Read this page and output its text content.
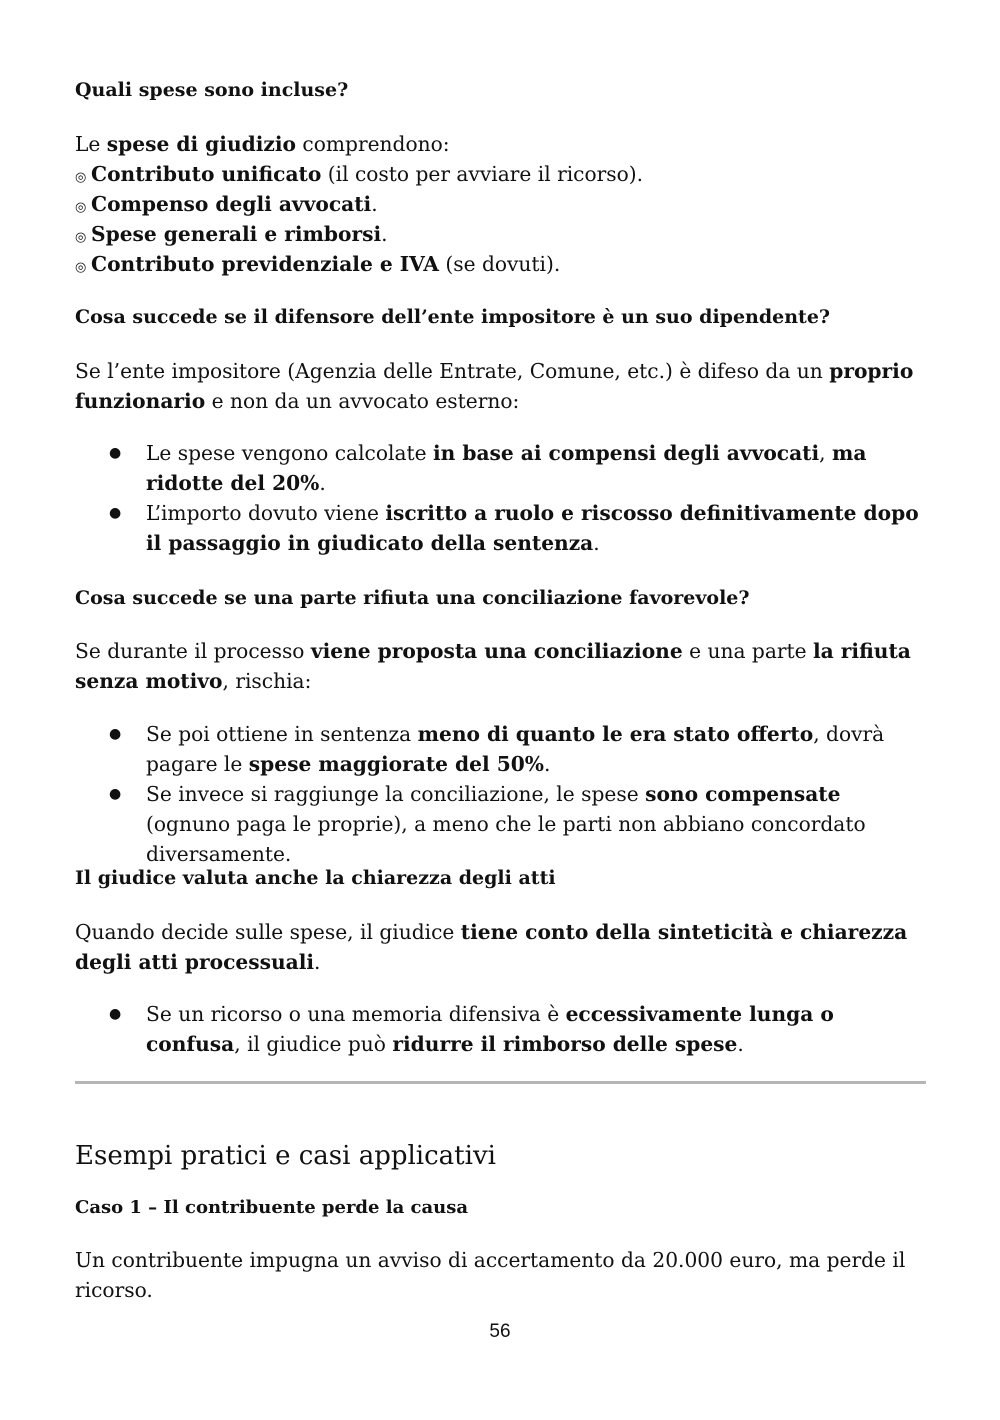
Quali spese sono incluse?

Le spese di giudizio comprendono:

◎ Contributo unificato (il costo per avviare il ricorso).

◎ Compenso degli avvocati.

◎ Spese generali e rimborsi.

◎ Contributo previdenziale e IVA (se dovuti).

Cosa succede se il difensore dell’ente impositore è un suo dipendente?

Se l’ente impositore (Agenzia delle Entrate, Comune, etc.) è difeso da un proprio funzionario e non da un avvocato esterno:

● Le spese vengono calcolate in base ai compensi degli avvocati, ma ridotte del 20%.
● L’importo dovuto viene iscritto a ruolo e riscosso definitivamente dopo il passaggio in giudicato della sentenza.

Cosa succede se una parte rifiuta una conciliazione favorevole?

Se durante il processo viene proposta una conciliazione e una parte la rifiuta senza motivo, rischia:

● Se poi ottiene in sentenza meno di quanto le era stato offerto, dovrà pagare le spese maggiorate del 50%.
● Se invece si raggiunge la conciliazione, le spese sono compensate (ognuno paga le proprie), a meno che le parti non abbiano concordato diversamente.

Il giudice valuta anche la chiarezza degli atti

Quando decide sulle spese, il giudice tiene conto della sinteticità e chiarezza degli atti processuali.

● Se un ricorso o una memoria difensiva è eccessivamente lunga o confusa, il giudice può ridurre il rimborso delle spese.
Esempi pratici e casi applicativi

Caso 1 – Il contribuente perde la causa

Un contribuente impugna un avviso di accertamento da 20.000 euro, ma perde il ricorso.

56
